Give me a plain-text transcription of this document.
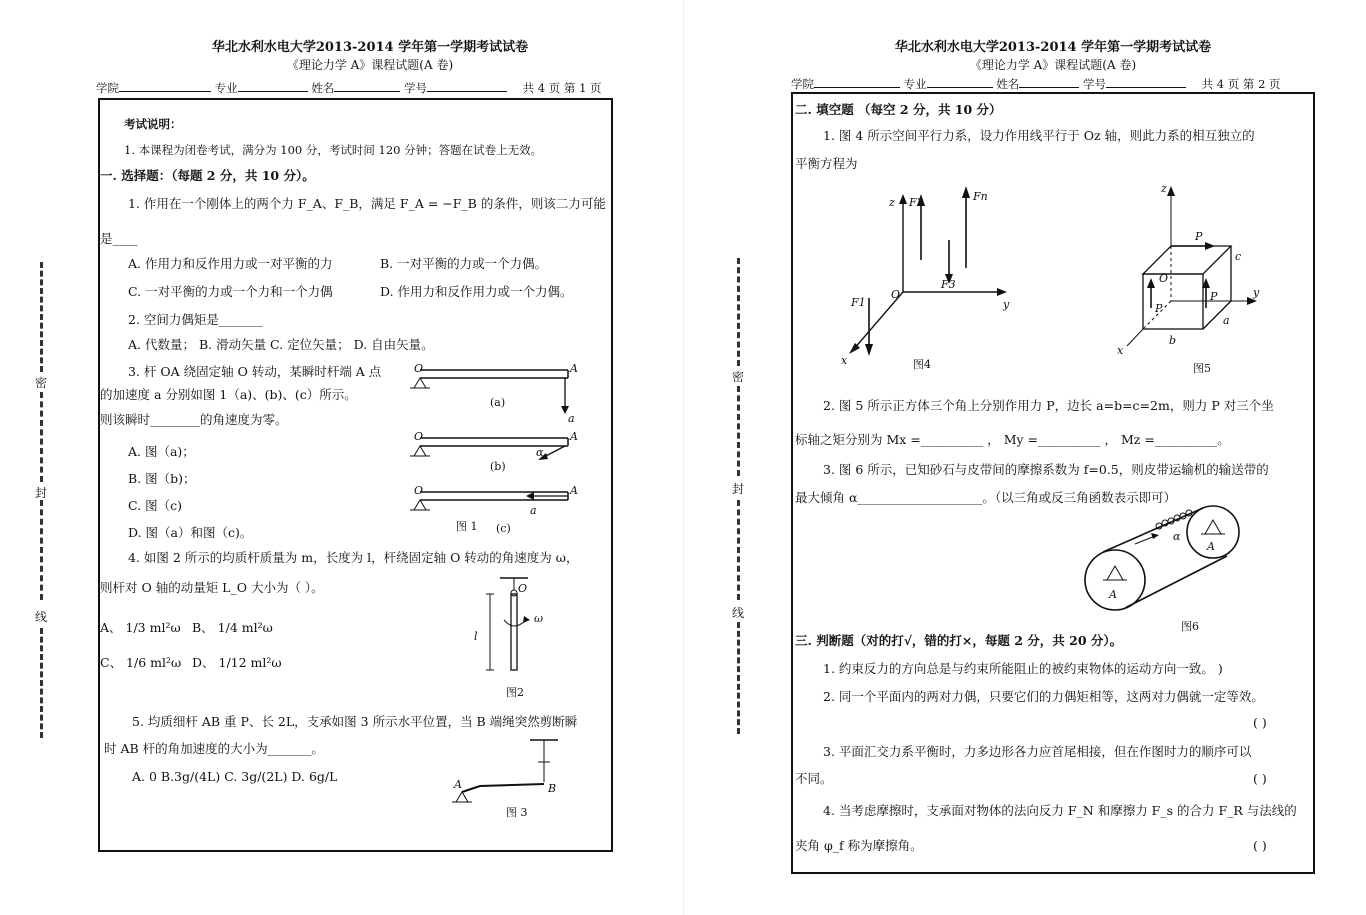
华北水利水电大学2013-2014 学年第一学期考试试卷
《理论力学 A》课程试题(A 卷)
学院	专业	姓名	学号	共 4 页 第 1 页
密
封
线
考试说明：
1. 本课程为闭卷考试，满分为 100 分，考试时间 120 分钟；答题在试卷上无效。
一. 选择题：（每题 2 分，共 10 分）。
1. 作用在一个刚体上的两个力 F_A、F_B，满足 F_A = −F_B 的条件，则该二力可能
是____
A. 作用力和反作用力或一对平衡的力	B. 一对平衡的力或一个力偶。
C. 一对平衡的力或一个力和一个力偶	D. 作用力和反作用力或一个力偶。
2. 空间力偶矩是_______
A. 代数量； B. 滑动矢量 C. 定位矢量； D. 自由矢量。
3. 杆 OA 绕固定轴 O 转动，某瞬时杆端 A 点
的加速度 a 分别如图 1（a)、(b)、(c）所示。
则该瞬时________的角速度为零。
A. 图（a)；
B. 图（b)；
C. 图（c)
D. 图（a）和图（c)。
O	A
a
(a)
O	A
α
(b)
O	A
a
图 1 (c)
4. 如图 2 所示的均质杆质量为 m，长度为 l，杆绕固定轴 O 转动的角速度为 ω，
则杆对 O 轴的动量矩 L_O 大小为（ ）。
A、 1/3 ml²ω B、 1/4 ml²ω
C、 1/6 ml²ω D、 1/12 ml²ω
O
l
ω
图2
5. 均质细杆 AB 重 P、长 2L，支承如图 3 所示水平位置，当 B 端绳突然剪断瞬
时 AB 杆的角加速度的大小为_______。
A. 0 B.3g/(4L) C. 3g/(2L) D. 6g/L
A	B
图 3
华北水利水电大学2013-2014 学年第一学期考试试卷
《理论力学 A》课程试题(A 卷)
学院	专业	姓名	学号	共 4 页 第 2 页
密
封
线
二. 填空题 （每空 2 分，共 10 分）
1. 图 4 所示空间平行力系，设力作用线平行于 Oz 轴，则此力系的相互独立的
平衡方程为
z
y
x
O
F1
F2
F3
Fn
图4
z
y
x
O
P
P
P
a
b
c
图5
2. 图 5 所示正方体三个角上分别作用力 P，边长 a=b=c=2m，则力 P 对三个坐
标轴之矩分别为 Mx =__________ ， My =__________ ， Mz =__________。
3. 图 6 所示，已知砂石与皮带间的摩擦系数为 f=0.5，则皮带运输机的输送带的
最大倾角 α____________________。（以三角或反三角函数表示即可）
α
A
A
图6
三. 判断题（对的打√，错的打×，每题 2 分，共 20 分）。
1. 约束反力的方向总是与约束所能阻止的被约束物体的运动方向一致。 )
2. 同一个平面内的两对力偶，只要它们的力偶矩相等，这两对力偶就一定等效。
( )
3. 平面汇交力系平衡时，力多边形各力应首尾相接，但在作图时力的顺序可以
不同。	( )
4. 当考虑摩擦时，支承面对物体的法向反力 F_N 和摩擦力 F_s 的合力 F_R 与法线的
夹角 φ_f 称为摩擦角。	( )
